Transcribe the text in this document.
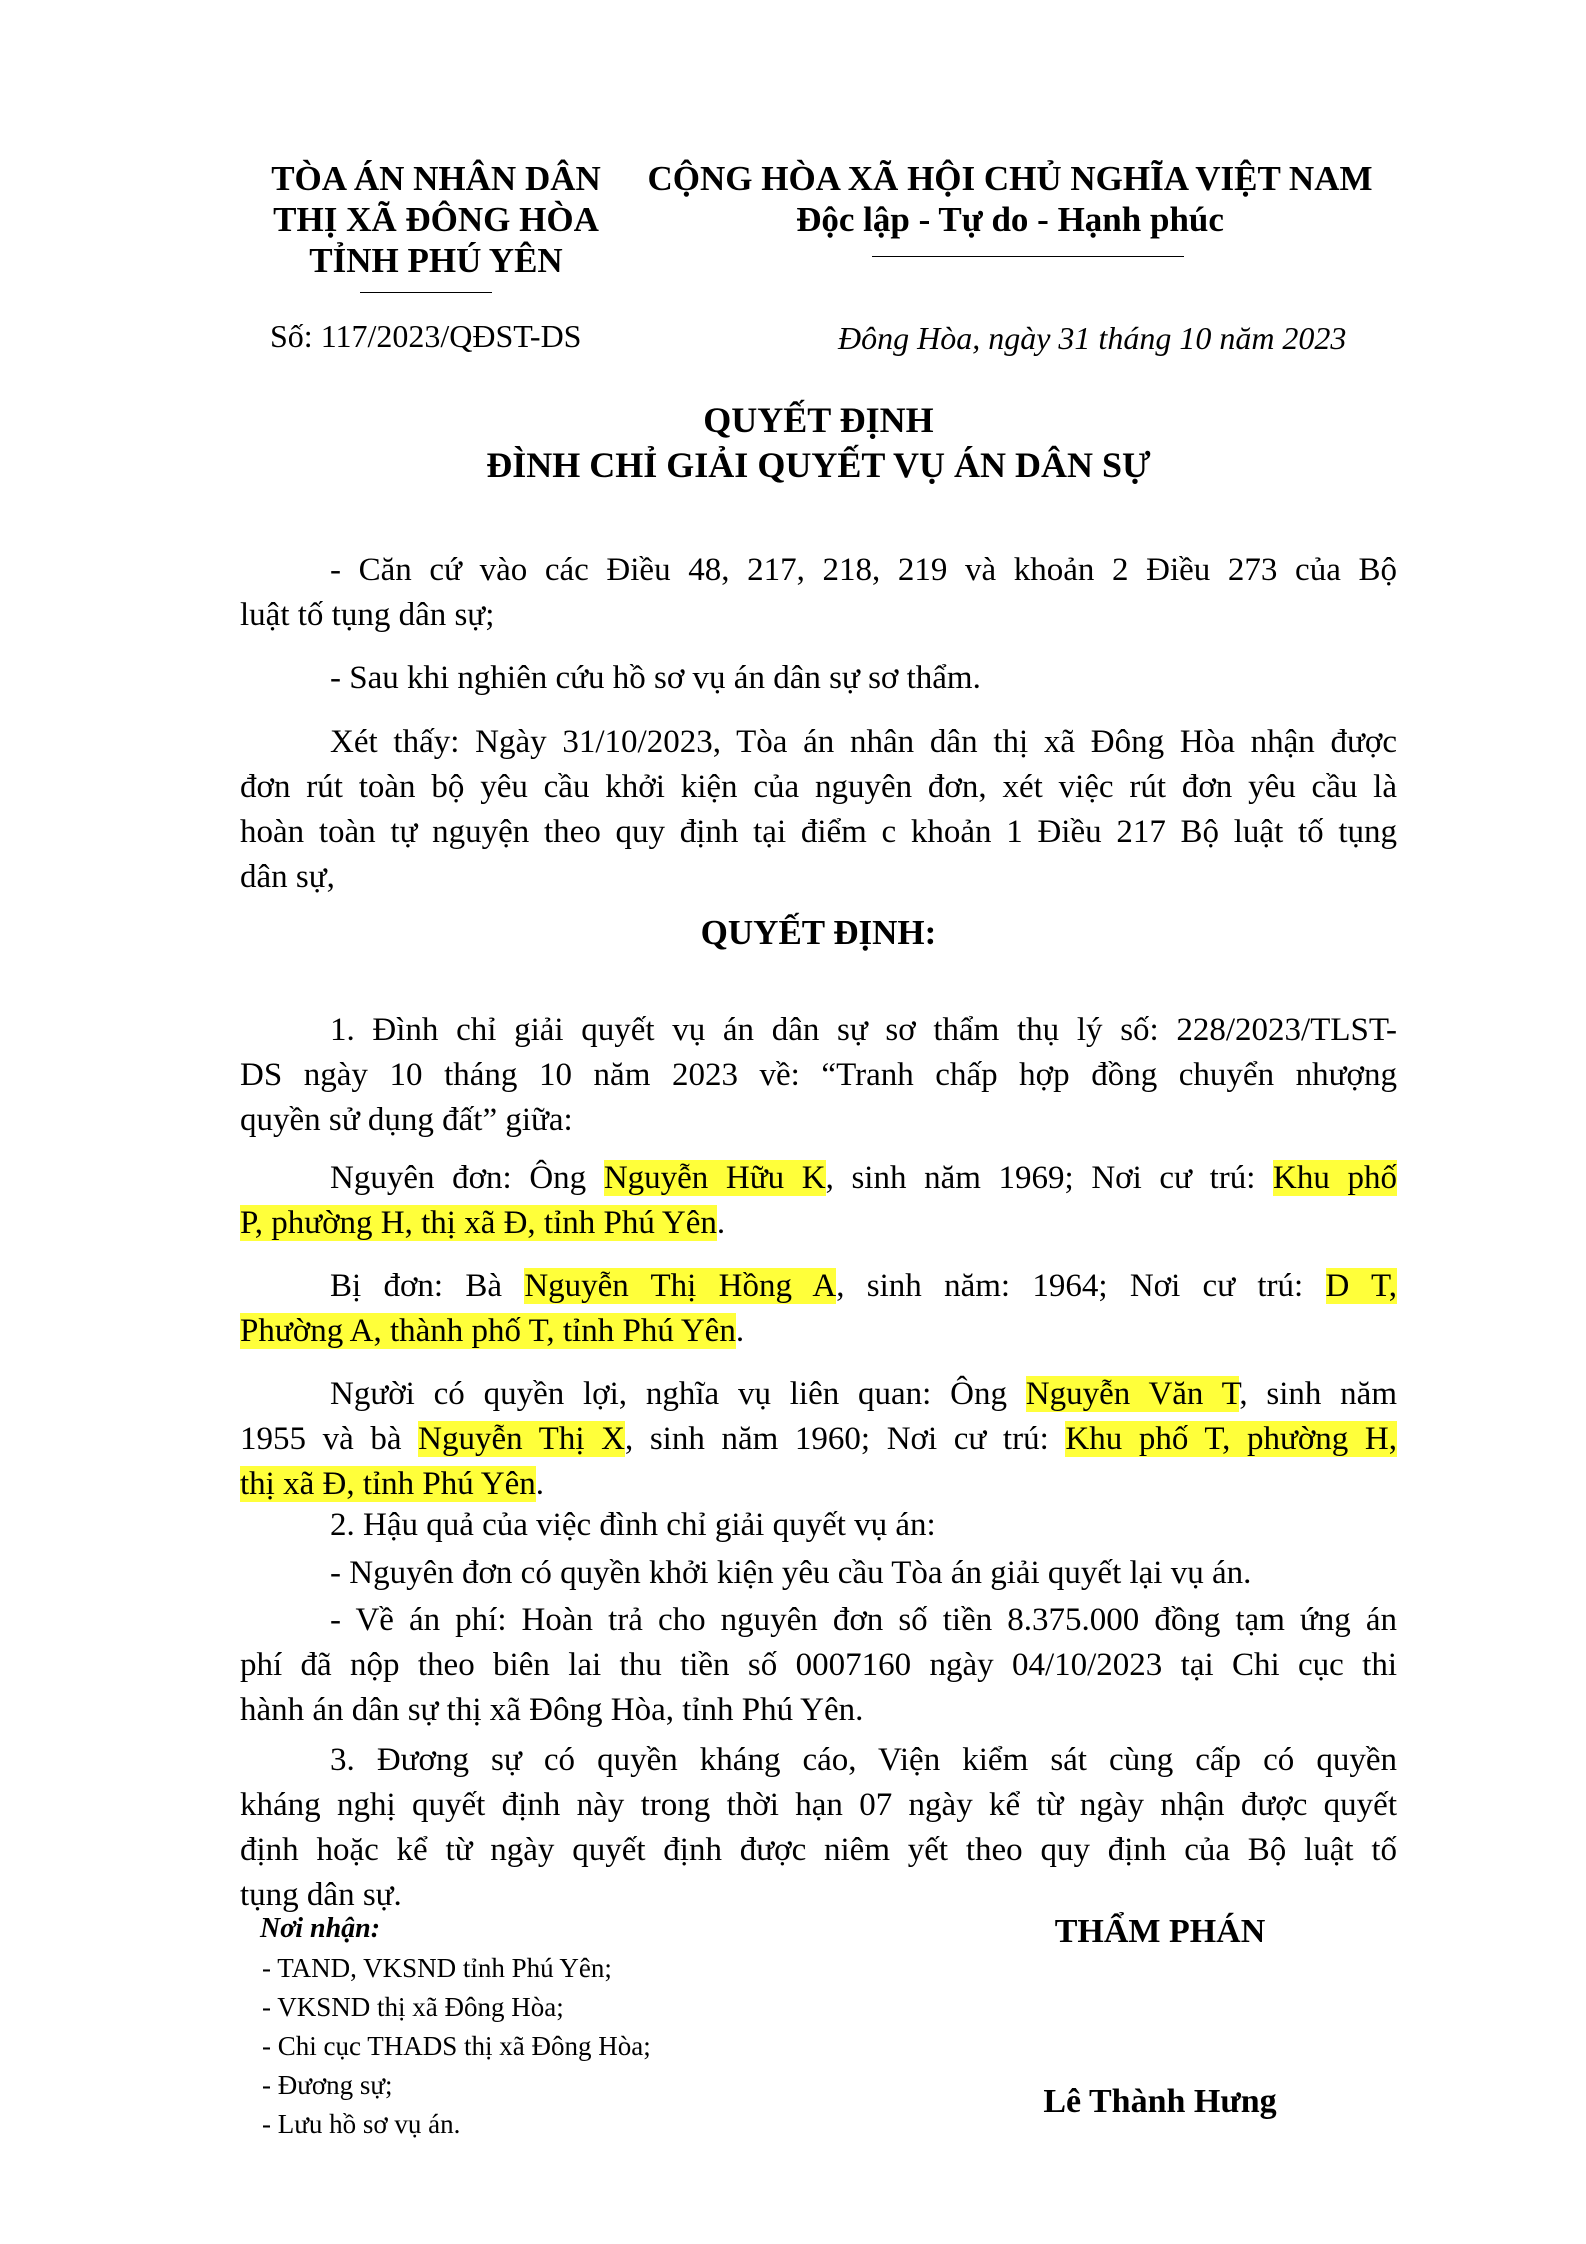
TÒA ÁN NHÂN DÂN
THỊ XÃ ĐÔNG HÒA
TỈNH PHÚ YÊN
CỘNG HÒA XÃ HỘI CHỦ NGHĨA VIỆT NAM
Độc lập - Tự do - Hạnh phúc
Số: 117/2023/QĐST-DS	Đông Hòa, ngày 31 tháng 10 năm 2023
QUYẾT ĐỊNH
ĐÌNH CHỈ GIẢI QUYẾT VỤ ÁN DÂN SỰ
- Căn cứ vào các Điều 48, 217, 218, 219 và khoản 2 Điều 273 của Bộ
luật tố tụng dân sự;
- Sau khi nghiên cứu hồ sơ vụ án dân sự sơ thẩm.
Xét thấy: Ngày 31/10/2023, Tòa án nhân dân thị xã Đông Hòa nhận được
đơn rút toàn bộ yêu cầu khởi kiện của nguyên đơn, xét việc rút đơn yêu cầu là
hoàn toàn tự nguyện theo quy định tại điểm c khoản 1 Điều 217 Bộ luật tố tụng
dân sự,
QUYẾT ĐỊNH:
1. Đình chỉ giải quyết vụ án dân sự sơ thẩm thụ lý số: 228/2023/TLST-
DS ngày 10 tháng 10 năm 2023 về: “Tranh chấp hợp đồng chuyển nhượng
quyền sử dụng đất” giữa:
Nguyên đơn: Ông Nguyễn Hữu K, sinh năm 1969; Nơi cư trú: Khu phố
P, phường H, thị xã Đ, tỉnh Phú Yên.
Bị đơn: Bà Nguyễn Thị Hồng A, sinh năm: 1964; Nơi cư trú: D T,
Phường A, thành phố T, tỉnh Phú Yên.
Người có quyền lợi, nghĩa vụ liên quan: Ông Nguyễn Văn T, sinh năm
1955 và bà Nguyễn Thị X, sinh năm 1960; Nơi cư trú: Khu phố T, phường H,
thị xã Đ, tỉnh Phú Yên.
2. Hậu quả của việc đình chỉ giải quyết vụ án:
- Nguyên đơn có quyền khởi kiện yêu cầu Tòa án giải quyết lại vụ án.
- Về án phí: Hoàn trả cho nguyên đơn số tiền 8.375.000 đồng tạm ứng án
phí đã nộp theo biên lai thu tiền số 0007160 ngày 04/10/2023 tại Chi cục thi
hành án dân sự thị xã Đông Hòa, tỉnh Phú Yên.
3. Đương sự có quyền kháng cáo, Viện kiểm sát cùng cấp có quyền
kháng nghị quyết định này trong thời hạn 07 ngày kể từ ngày nhận được quyết
định hoặc kể từ ngày quyết định được niêm yết theo quy định của Bộ luật tố
tụng dân sự.
Nơi nhận:
- TAND, VKSND tỉnh Phú Yên;
- VKSND thị xã Đông Hòa;
- Chi cục THADS thị xã Đông Hòa;
- Đương sự;
- Lưu hồ sơ vụ án.
THẨM PHÁN
Lê Thành Hưng
